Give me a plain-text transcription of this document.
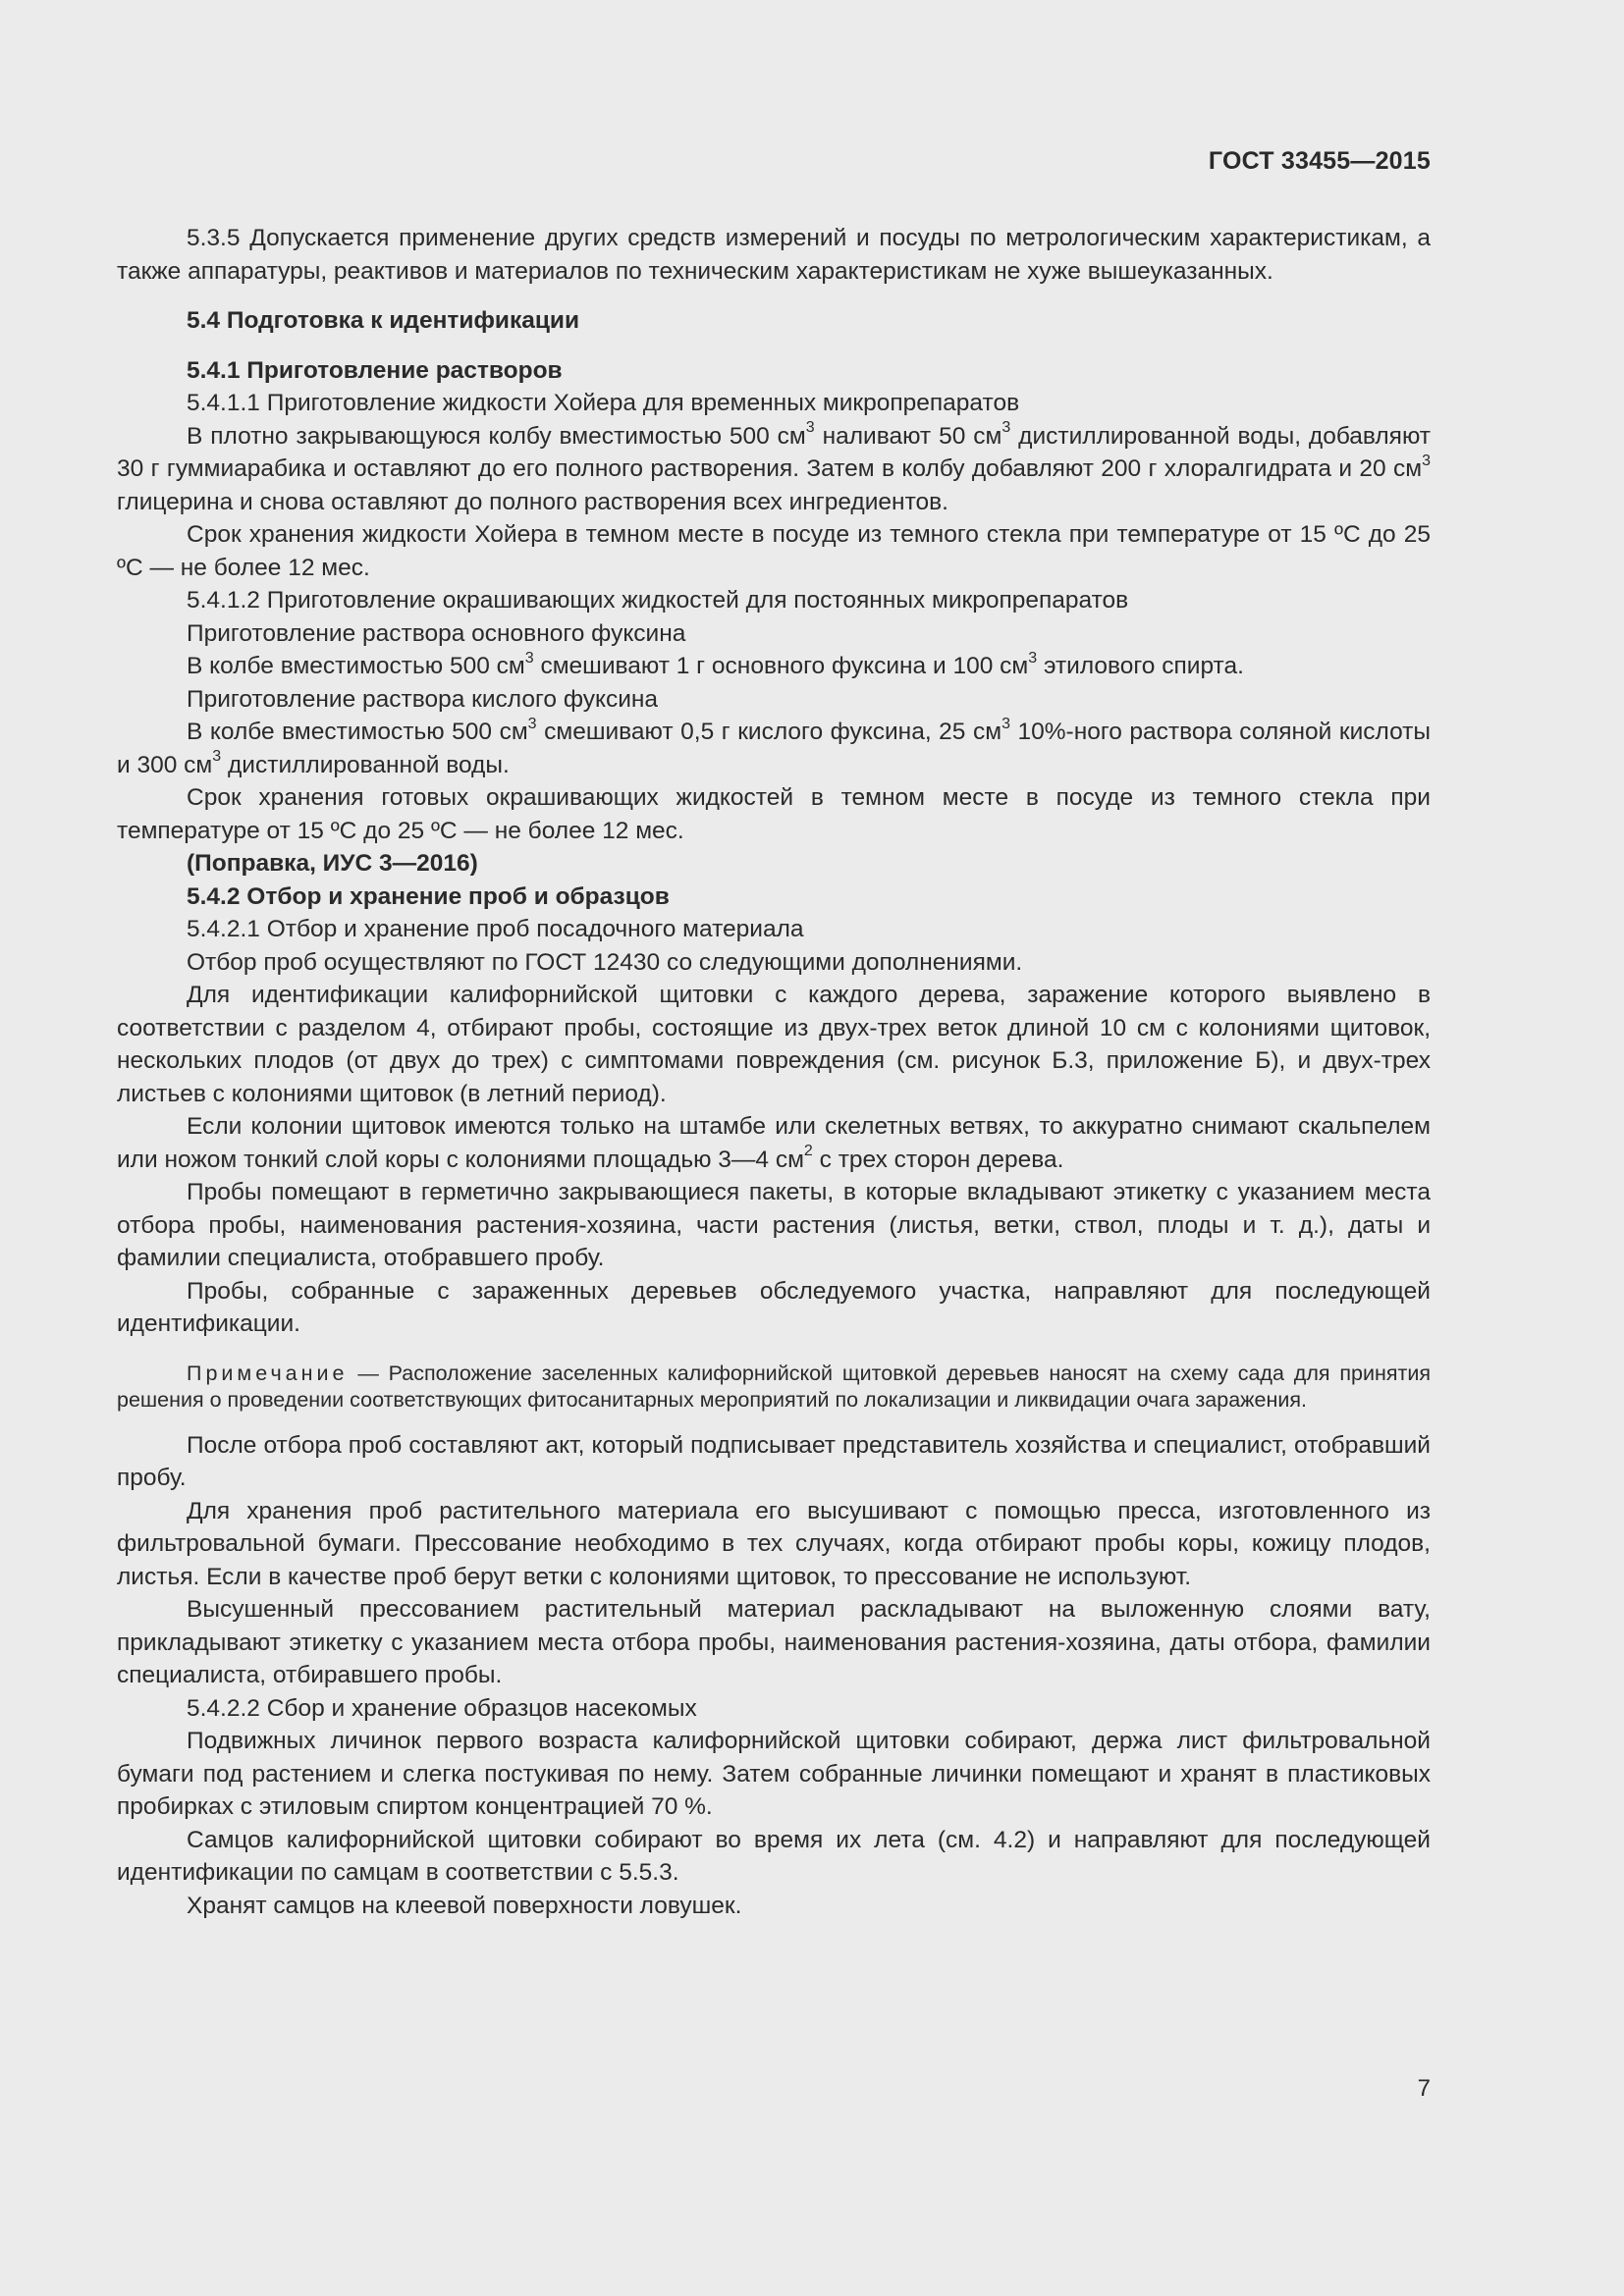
ГОСТ 33455—2015

5.3.5 Допускается применение других средств измерений и посуды по метрологическим характеристикам, а также аппаратуры, реактивов и материалов по техническим характеристикам не хуже вышеуказанных.

5.4 Подготовка к идентификации

5.4.1 Приготовление растворов

5.4.1.1 Приготовление жидкости Хойера для временных микропрепаратов

В плотно закрывающуюся колбу вместимостью 500 $см^3$ наливают 50 $см^3$ дистиллированной воды, добавляют 30 г гуммиарабика и оставляют до его полного растворения. Затем в колбу добавляют 200 г хлоралгидрата и 20 $см^3$ глицерина и снова оставляют до полного растворения всех ингредиентов.

Срок хранения жидкости Хойера в темном месте в посуде из темного стекла при температуре от 15 ºС до 25 ºС — не более 12 мес.

5.4.1.2 Приготовление окрашивающих жидкостей для постоянных микропрепаратов

Приготовление раствора основного фуксина

В колбе вместимостью 500 $см^3$ смешивают 1 г основного фуксина и 100 $см^3$ этилового спирта.

Приготовление раствора кислого фуксина

В колбе вместимостью 500 $см^3$ смешивают 0,5 г кислого фуксина, 25 $см^3$ 10%-ного раствора соляной кислоты и 300 $см^3$ дистиллированной воды.

Срок хранения готовых окрашивающих жидкостей в темном месте в посуде из темного стекла при температуре от 15 ºС до 25 ºС — не более 12 мес.

(Поправка, ИУС 3—2016)

5.4.2 Отбор и хранение проб и образцов

5.4.2.1 Отбор и хранение проб посадочного материала

Отбор проб осуществляют по ГОСТ 12430 со следующими дополнениями.

Для идентификации калифорнийской щитовки с каждого дерева, заражение которого выявлено в соответствии с разделом 4, отбирают пробы, состоящие из двух-трех веток длиной 10 см с колониями щитовок, нескольких плодов (от двух до трех) с симптомами повреждения (см. рисунок Б.3, приложение Б), и двух-трех листьев с колониями щитовок (в летний период).

Если колонии щитовок имеются только на штамбе или скелетных ветвях, то аккуратно снимают скальпелем или ножом тонкий слой коры с колониями площадью 3—4 $см^2$ с трех сторон дерева.

Пробы помещают в герметично закрывающиеся пакеты, в которые вкладывают этикетку с указанием места отбора пробы, наименования растения-хозяина, части растения (листья, ветки, ствол, плоды и т. д.), даты и фамилии специалиста, отобравшего пробу.

Пробы, собранные с зараженных деревьев обследуемого участка, направляют для последующей идентификации.

Примечание — Расположение заселенных калифорнийской щитовкой деревьев наносят на схему сада для принятия решения о проведении соответствующих фитосанитарных мероприятий по локализации и ликвидации очага заражения.

После отбора проб составляют акт, который подписывает представитель хозяйства и специалист, отобравший пробу.

Для хранения проб растительного материала его высушивают с помощью пресса, изготовленного из фильтровальной бумаги. Прессование необходимо в тех случаях, когда отбирают пробы коры, кожицу плодов, листья. Если в качестве проб берут ветки с колониями щитовок, то прессование не используют.

Высушенный прессованием растительный материал раскладывают на выложенную слоями вату, прикладывают этикетку с указанием места отбора пробы, наименования растения-хозяина, даты отбора, фамилии специалиста, отбиравшего пробы.

5.4.2.2 Сбор и хранение образцов насекомых

Подвижных личинок первого возраста калифорнийской щитовки собирают, держа лист фильтровальной бумаги под растением и слегка постукивая по нему. Затем собранные личинки помещают и хранят в пластиковых пробирках с этиловым спиртом концентрацией 70 %.

Самцов калифорнийской щитовки собирают во время их лета (см. 4.2) и направляют для последующей идентификации по самцам в соответствии с 5.5.3.

Хранят самцов на клеевой поверхности ловушек.

7
